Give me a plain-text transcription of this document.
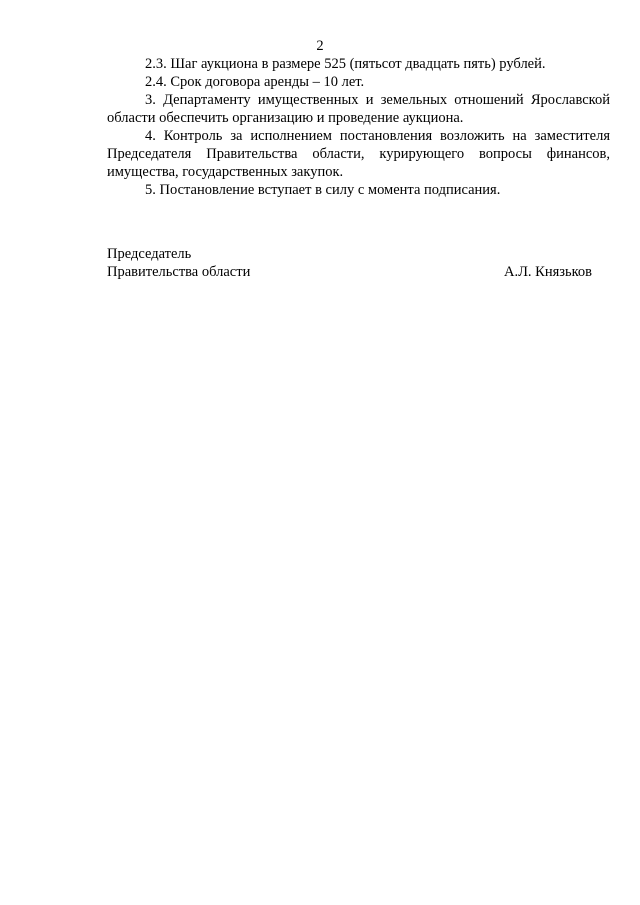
2

2.3. Шаг аукциона в размере 525 (пятьсот двадцать пять) рублей.

2.4. Срок договора аренды – 10 лет.

3. Департаменту имущественных и земельных отношений Ярославской области обеспечить организацию и проведение аукциона.

4. Контроль за исполнением постановления возложить на заместителя Председателя Правительства области, курирующего вопросы финансов, имущества, государственных закупок.

5. Постановление вступает в силу с момента подписания.

Председатель
Правительства области	А.Л. Князьков
